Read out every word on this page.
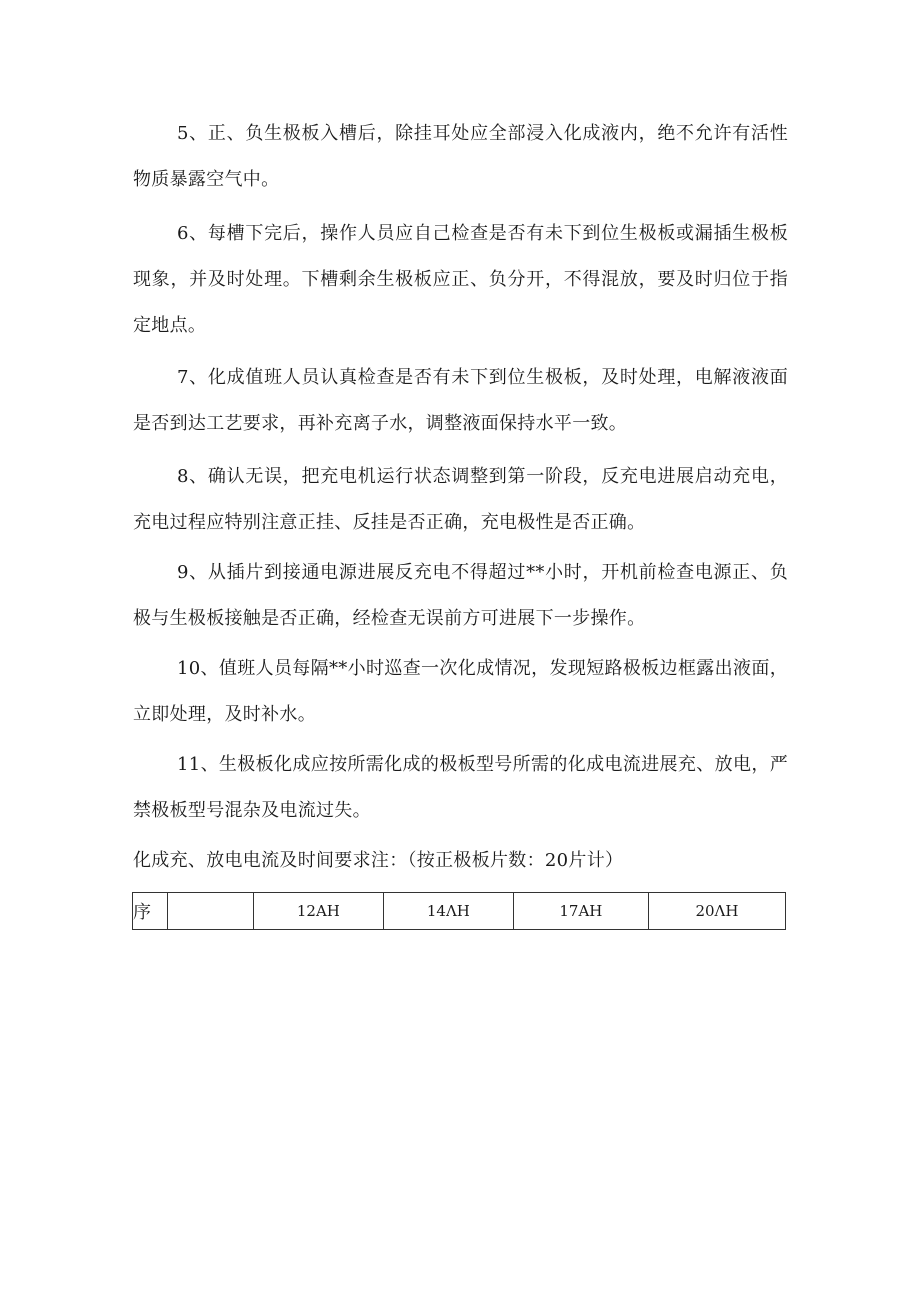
5、正、负生极板入槽后，除挂耳处应全部浸入化成液内，绝不允许有活性物质暴露空气中。

6、每槽下完后，操作人员应自己检查是否有未下到位生极板或漏插生极板现象，并及时处理。下槽剩余生极板应正、负分开，不得混放，要及时归位于指定地点。

7、化成值班人员认真检查是否有未下到位生极板，及时处理，电解液液面是否到达工艺要求，再补充离子水，调整液面保持水平一致。

8、确认无误，把充电机运行状态调整到第一阶段，反充电进展启动充电，充电过程应特别注意正挂、反挂是否正确，充电极性是否正确。

9、从插片到接通电源进展反充电不得超过**小时，开机前检查电源正、负极与生极板接触是否正确，经检查无误前方可进展下一步操作。

10、值班人员每隔**小时巡查一次化成情况，发现短路极板边框露出液面，立即处理，及时补水。

11、生极板化成应按所需化成的极板型号所需的化成电流进展充、放电，严禁极板型号混杂及电流过失。

化成充、放电电流及时间要求注：（按正极板片数：20片计）

序		12AH	14ΛH	17AH	20ΛH
